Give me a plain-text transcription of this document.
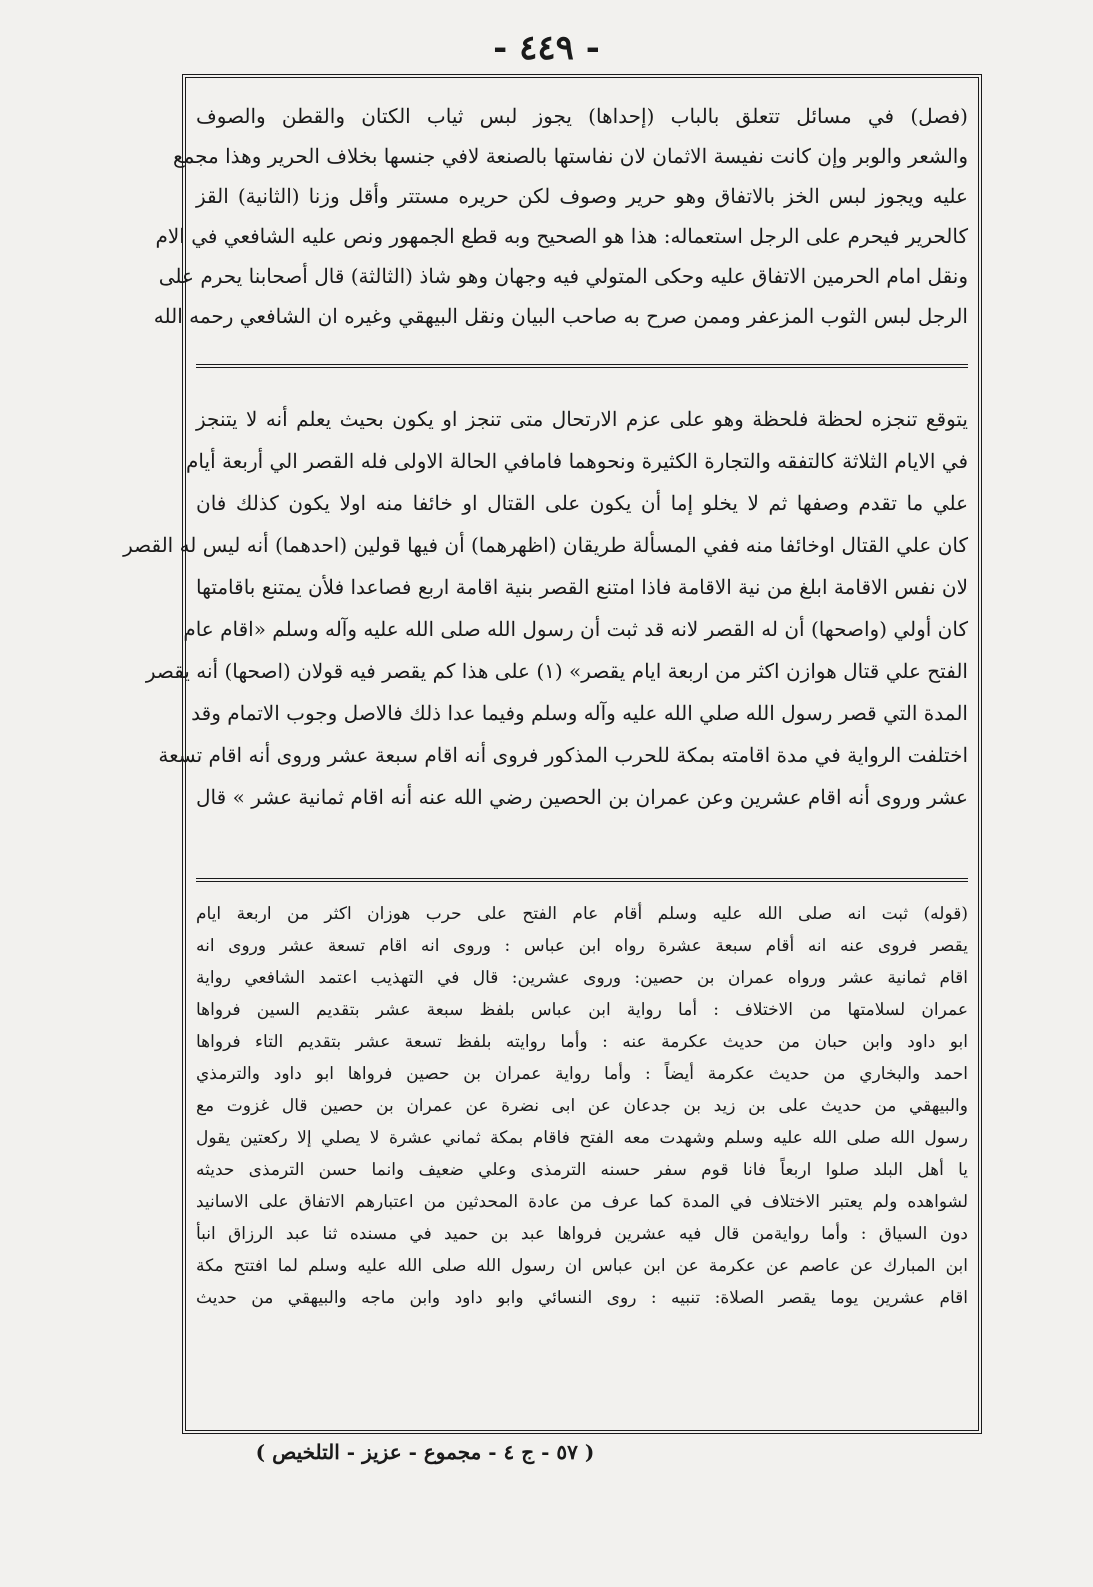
- ٤٤٩ -

(فصل) في مسائل تتعلق بالباب (إحداها) يجوز لبس ثياب الكتان والقطن والصوف

والشعر والوبر وإن كانت نفيسة الاثمان لان نفاستها بالصنعة لافي جنسها بخلاف الحرير وهذا مجمع

عليه ويجوز لبس الخز بالاتفاق وهو حرير وصوف لكن حريره مستتر وأقل وزنا (الثانية) القز

كالحرير فيحرم على الرجل استعماله: هذا هو الصحيح وبه قطع الجمهور ونص عليه الشافعي في الام

ونقل امام الحرمين الاتفاق عليه وحكى المتولي فيه وجهان وهو شاذ (الثالثة) قال أصحابنا يحرم على

الرجل لبس الثوب المزعفر وممن صرح به صاحب البيان ونقل البيهقي وغيره ان الشافعي رحمه الله

يتوقع تنجزه لحظة فلحظة وهو على عزم الارتحال متى تنجز او يكون بحيث يعلم أنه لا يتنجز

في الايام الثلاثة كالتفقه والتجارة الكثيرة ونحوهما فامافي الحالة الاولى فله القصر الي أربعة أيام

علي ما تقدم وصفها ثم لا يخلو إما أن يكون على القتال او خائفا منه اولا يكون كذلك فان

كان علي القتال اوخائفا منه ففي المسألة طريقان (اظهرهما) أن فيها قولين (احدهما) أنه ليس له القصر

لان نفس الاقامة ابلغ من نية الاقامة فاذا امتنع القصر بنية اقامة اربع فصاعدا فلأن يمتنع باقامتها

كان أولي (واصحها) أن له القصر لانه قد ثبت أن رسول الله صلى الله عليه وآله وسلم «اقام عام

الفتح علي قتال هوازن اكثر من اربعة ايام يقصر» (١) على هذا كم يقصر فيه قولان (اصحها) أنه يقصر

المدة التي قصر رسول الله صلي الله عليه وآله وسلم وفيما عدا ذلك فالاصل وجوب الاتمام وقد

اختلفت الرواية في مدة اقامته بمكة للحرب المذكور فروى أنه اقام سبعة عشر وروى أنه اقام تسعة

عشر وروى أنه اقام عشرين وعن عمران بن الحصين رضي الله عنه أنه اقام ثمانية عشر » قال

(قوله) ثبت انه صلى الله عليه وسلم أقام عام الفتح على حرب هوزان اكثر من اربعة ايام

يقصر فروى عنه انه أقام سبعة عشرة رواه ابن عباس : وروى انه اقام تسعة عشر وروى انه

اقام ثمانية عشر ورواه عمران بن حصين: وروى عشرين: قال في التهذيب اعتمد الشافعي رواية

عمران لسلامتها من الاختلاف : أما رواية ابن عباس بلفظ سبعة عشر بتقديم السين فرواها

ابو داود وابن حبان من حديث عكرمة عنه : وأما روايته بلفظ تسعة عشر بتقديم التاء فرواها

احمد والبخاري من حديث عكرمة أيضاً : وأما رواية عمران بن حصين فرواها ابو داود والترمذي

والبيهقي من حديث على بن زيد بن جدعان عن ابى نضرة عن عمران بن حصين قال غزوت مع

رسول الله صلى الله عليه وسلم وشهدت معه الفتح فاقام بمكة ثماني عشرة لا يصلي إلا ركعتين يقول

يا أهل البلد صلوا اربعاً فانا قوم سفر حسنه الترمذى وعلي ضعيف وانما حسن الترمذى حديثه

لشواهده ولم يعتبر الاختلاف في المدة كما عرف من عادة المحدثين من اعتبارهم الاتفاق على الاسانيد

دون السياق : وأما روايةمن قال فيه عشرين فرواها عبد بن حميد في مسنده ثنا عبد الرزاق انبأ

ابن المبارك عن عاصم عن عكرمة عن ابن عباس ان رسول الله صلى الله عليه وسلم لما افتتح مكة

اقام عشرين يوما يقصر الصلاة: تنبيه : روى النسائي وابو داود وابن ماجه والبيهقي من حديث

( ٥٧ - ج ٤ - مجموع - عزيز - التلخيص )
